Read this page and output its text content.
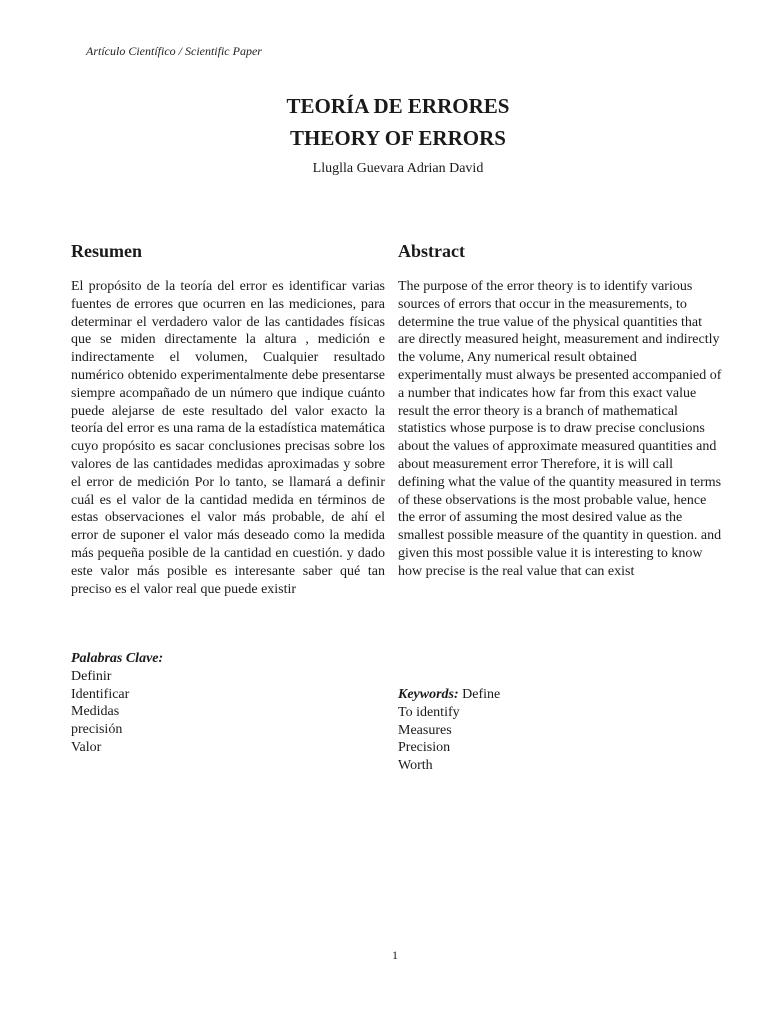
Artículo Científico / Scientific Paper
TEORÍA DE ERRORES
THEORY OF ERRORS
Lluglla Guevara Adrian David
Resumen

El propósito de la teoría del error es identificar varias fuentes de errores que ocurren en las mediciones, para determinar el verdadero valor de las cantidades físicas que se miden directamente la altura , medición e indirectamente el volumen, Cualquier resultado numérico obtenido experimentalmente debe presentarse siempre acompañado de un número que indique cuánto puede alejarse de este resultado del valor exacto la teoría del error es una rama de la estadística matemática cuyo propósito es sacar conclusiones precisas sobre los valores de las cantidades medidas aproximadas y sobre el error de medición Por lo tanto, se llamará a definir cuál es el valor de la cantidad medida en términos de estas observaciones el valor más probable, de ahí el error de suponer el valor más deseado como la medida más pequeña posible de la cantidad en cuestión. y dado este valor más posible es interesante saber qué tan preciso es el valor real que puede existir

Abstract

The purpose of the error theory is to identify various sources of errors that occur in the measurements, to determine the true value of the physical quantities that are directly measured height, measurement and indirectly the volume, Any numerical result obtained experimentally must always be presented accompanied of a number that indicates how far from this exact value result the error theory is a branch of mathematical statistics whose purpose is to draw precise conclusions about the values of approximate measured quantities and about measurement error Therefore, it is will call defining what the value of the quantity measured in terms of these observations is the most probable value, hence the error of assuming the most desired value as the smallest possible measure of the quantity in question. and given this most possible value it is interesting to know how precise is the real value that can exist

Palabras Clave:
Definir
Identificar
Medidas
precisión
Valor
Keywords: Define
To identify
Measures
Precision
Worth
1
